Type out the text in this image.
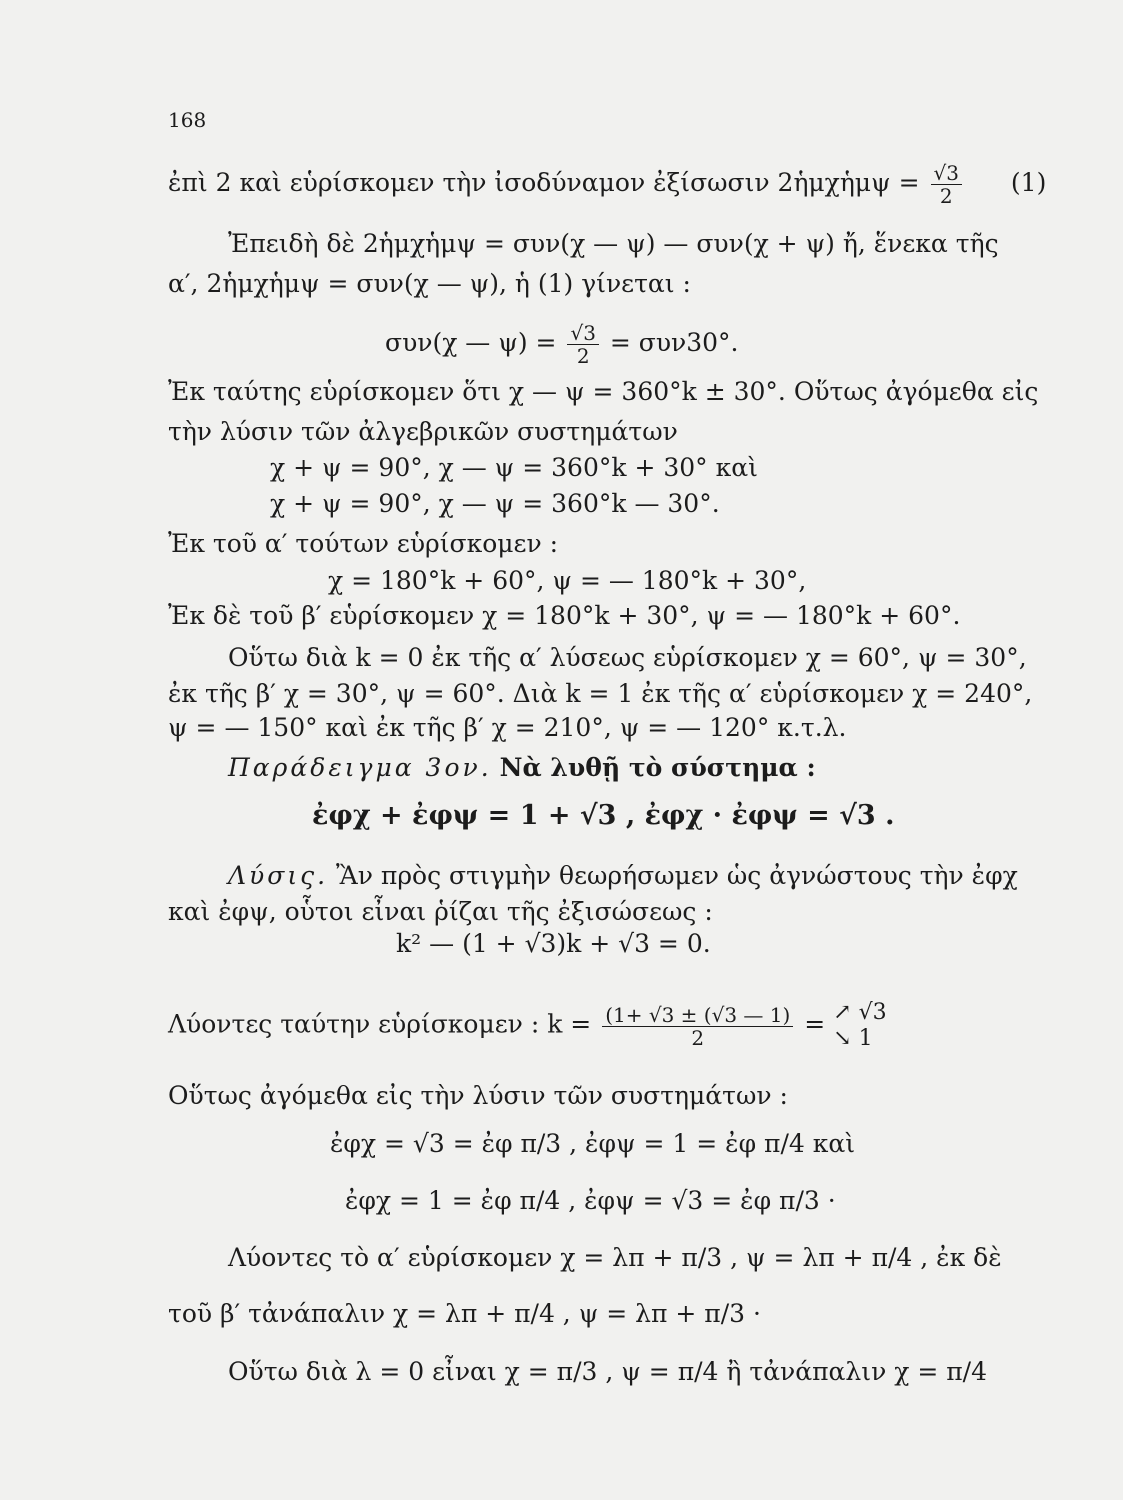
168
ἐπὶ 2 καὶ εὑρίσκομεν τὴν ἰσοδύναμον ἐξίσωσιν 2ἡμχἡμψ = $\frac{√3}{2} (1)$
Ἐπειδὴ δὲ 2ἡμχἡμψ = συν(χ — ψ) — συν(χ + ψ) ἤ, ἕνεκα τῆς
α′, 2ἡμχἡμψ = συν(χ — ψ), ἡ (1) γίνεται :
συν(χ — $\psi) = \frac{√3}{2} = \sigma\upsilon\nu 30^\circ$.
Ἐκ ταύτης εὑρίσκομεν ὅτι χ — ψ = 360°k ± 30°. Οὕτως ἀγόμεθα εἰς
τὴν λύσιν τῶν ἀλγεβρικῶν συστημάτων
χ + ψ = 90°, χ — ψ = 360°k + 30° καὶ
χ + ψ = 90°, χ — ψ = 360°k — 30°.
Ἐκ τοῦ α′ τούτων εὑρίσκομεν :
χ = 180°k + 60°, ψ = — 180°k + 30°,
Ἐκ δὲ τοῦ β′ εὑρίσκομεν χ = 180°k + 30°, ψ = — 180°k + 60°.
Οὕτω διὰ k = 0 ἐκ τῆς α′ λύσεως εὑρίσκομεν χ = 60°, ψ = 30°,
ἐκ τῆς β′ χ = 30°, ψ = 60°. Διὰ k = 1 ἐκ τῆς α′ εὑρίσκομεν χ = 240°,
ψ = — 150° καὶ ἐκ τῆς β′ χ = 210°, ψ = — 120° κ.τ.λ.
Παράδειγμα 3ον. Νὰ λυθῇ τὸ σύστημα :
ἐφχ + ἐφψ = 1 + √3 , ἐφχ · ἐφψ = √3 .
Λύσις. Ἂν πρὸς στιγμὴν θεωρήσωμεν ὡς ἀγνώστους τὴν ἐφχ
καὶ ἐφψ, οὗτοι εἶναι ῥίζαι τῆς ἐξισώσεως :
k² — (1 + √3)k + √3 = 0.
Λύοντες ταύτην εὑρίσκομεν : $k = \frac{(1+ √3 \pm (√3 — 1)}{2}$ = ↗ √3
↘ 1
Οὕτως ἀγόμεθα εἰς τὴν λύσιν τῶν συστημάτων :
ἐφχ = √3 = ἐφ π/3 , ἐφψ = 1 = ἐφ π/4 καὶ
ἐφχ = 1 = ἐφ π/4 , ἐφψ = √3 = ἐφ π/3 ·
Λύοντες τὸ α′ εὑρίσκομεν χ = λπ + π/3 , ψ = λπ + π/4 , ἐκ δὲ
τοῦ β′ τἀνάπαλιν χ = λπ + π/4 , ψ = λπ + π/3 ·
Οὕτω διὰ λ = 0 εἶναι χ = π/3 , ψ = π/4 ἢ τἀνάπαλιν χ = π/4
